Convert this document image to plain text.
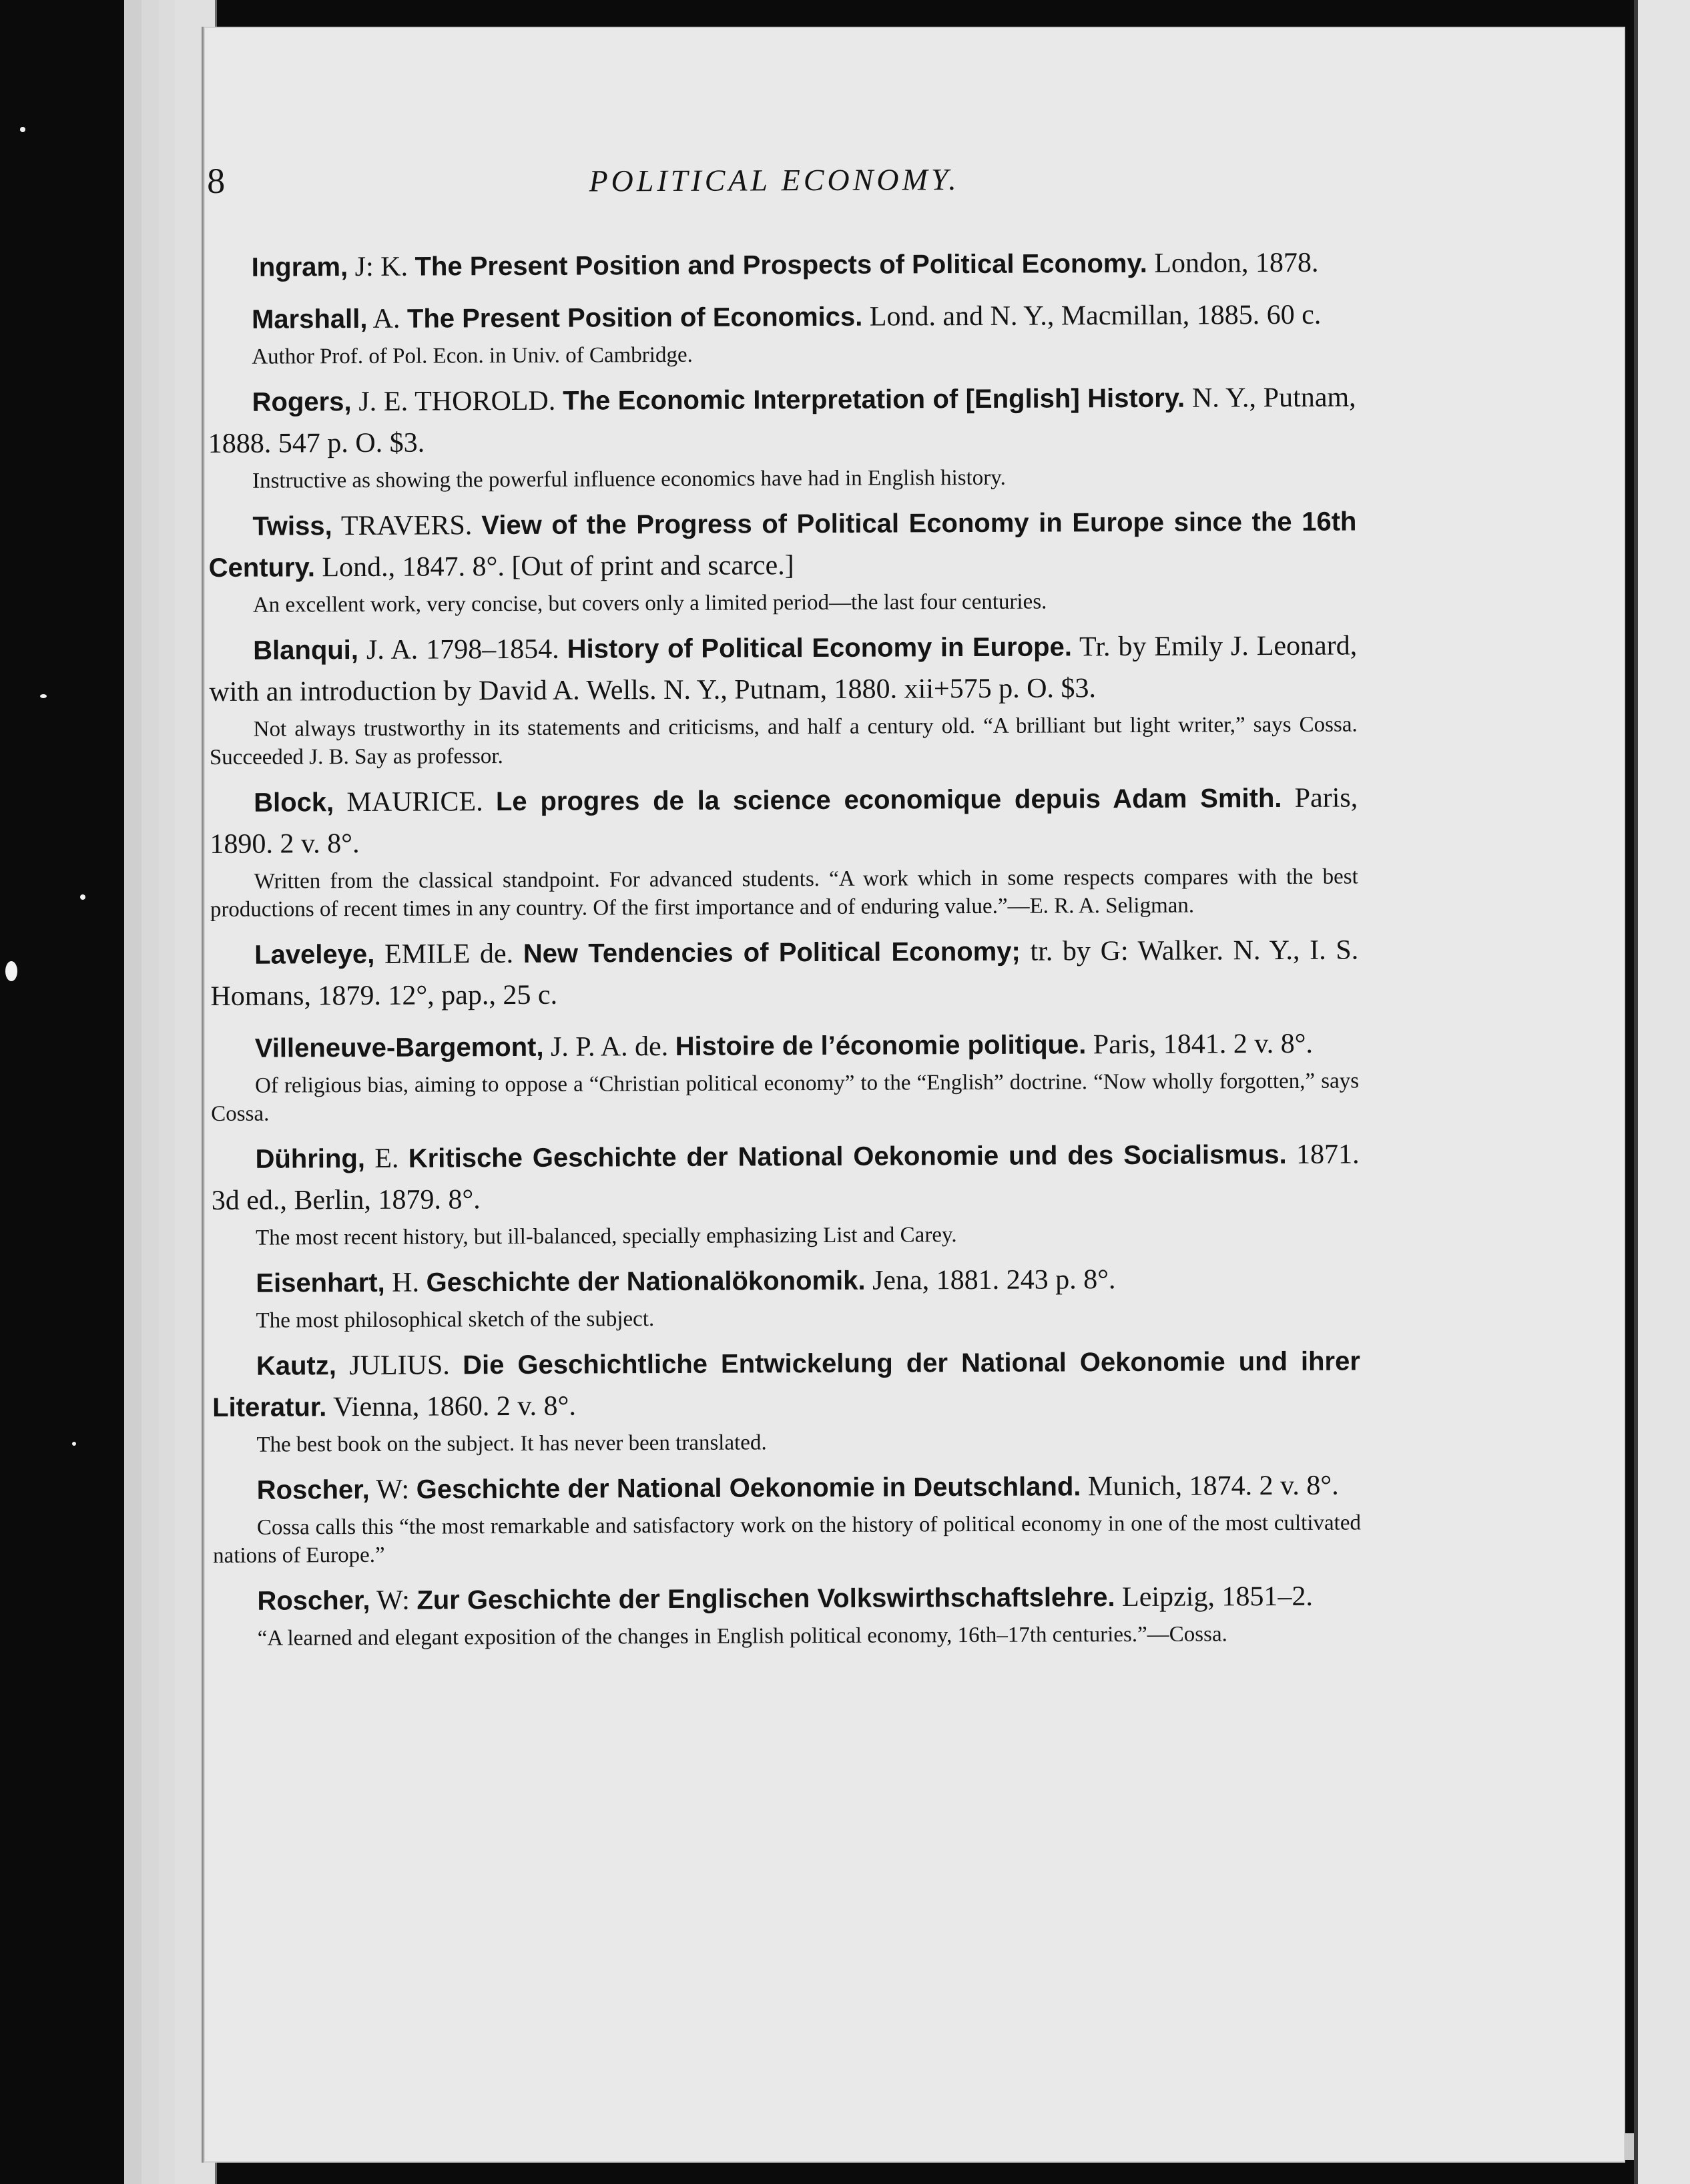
8	POLITICAL ECONOMY.
Ingram, J: K. The Present Position and Prospects of Political Economy. London, 1878.
Marshall, A. The Present Position of Economics. Lond. and N. Y., Macmillan, 1885. 60 c.
Author Prof. of Pol. Econ. in Univ. of Cambridge.
Rogers, J. E. THOROLD. The Economic Interpretation of [English] History. N. Y., Putnam, 1888. 547 p. O. $3.
Instructive as showing the powerful influence economics have had in English history.
Twiss, TRAVERS. View of the Progress of Political Economy in Europe since the 16th Century. Lond., 1847. 8°. [Out of print and scarce.]
An excellent work, very concise, but covers only a limited period—the last four centuries.
Blanqui, J. A. 1798–1854. History of Political Economy in Europe. Tr. by Emily J. Leonard, with an introduction by David A. Wells. N. Y., Putnam, 1880. xii+575 p. O. $3.
Not always trustworthy in its statements and criticisms, and half a century old. “A brilliant but light writer,” says Cossa. Succeeded J. B. Say as professor.
Block, MAURICE. Le progres de la science economique depuis Adam Smith. Paris, 1890. 2 v. 8°.
Written from the classical standpoint. For advanced students. “A work which in some respects compares with the best productions of recent times in any country. Of the first importance and of enduring value.”—E. R. A. Seligman.
Laveleye, EMILE de. New Tendencies of Political Economy; tr. by G: Walker. N. Y., I. S. Homans, 1879. 12°, pap., 25 c.
Villeneuve-Bargemont, J. P. A. de. Histoire de l’économie politique. Paris, 1841. 2 v. 8°.
Of religious bias, aiming to oppose a “Christian political economy” to the “English” doctrine. “Now wholly forgotten,” says Cossa.
Dühring, E. Kritische Geschichte der National Oekonomie und des Socialismus. 1871. 3d ed., Berlin, 1879. 8°.
The most recent history, but ill-balanced, specially emphasizing List and Carey.
Eisenhart, H. Geschichte der Nationalökonomik. Jena, 1881. 243 p. 8°.
The most philosophical sketch of the subject.
Kautz, JULIUS. Die Geschichtliche Entwickelung der National Oekonomie und ihrer Literatur. Vienna, 1860. 2 v. 8°.
The best book on the subject. It has never been translated.
Roscher, W: Geschichte der National Oekonomie in Deutschland. Munich, 1874. 2 v. 8°.
Cossa calls this “the most remarkable and satisfactory work on the history of political economy in one of the most cultivated nations of Europe.”
Roscher, W: Zur Geschichte der Englischen Volkswirthschaftslehre. Leipzig, 1851–2.
“A learned and elegant exposition of the changes in English political economy, 16th–17th centuries.”—Cossa.
